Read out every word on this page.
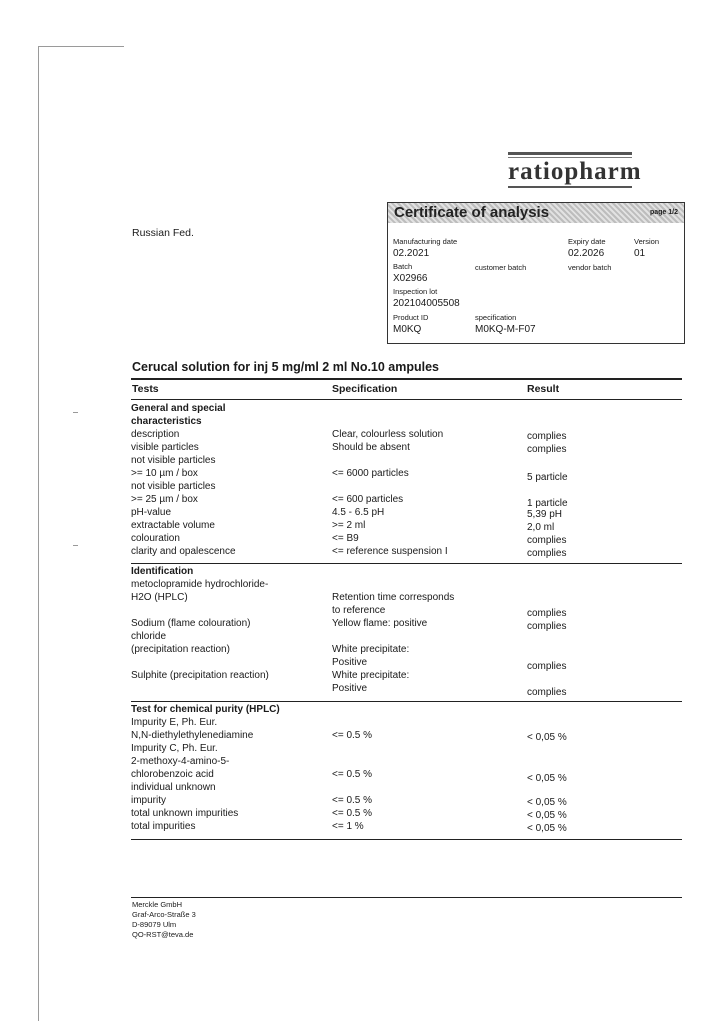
ratiopharm
Russian Fed.
Certificate of analysis	page 1/2
Manufacturing date
02.2021
Expiry date
02.2026
Version
01
Batch	customer batch	vendor batch
X02966
Inspection lot
202104005508
Product ID
M0KQ
specification
M0KQ-M-F07
Cerucal solution for inj 5 mg/ml 2 ml No.10 ampules
Tests	Specification	Result
General and special
characteristics
description	Clear, colourless solution	complies
visible particles	Should be absent	complies
not visible particles
>= 10 µm / box	<= 6000 particles	5 particle
not visible particles
>= 25 µm / box	<= 600 particles	1 particle
pH-value	4.5 - 6.5 pH	5,39 pH
extractable volume	>= 2 ml	2,0 ml
colouration	<= B9	complies
clarity and opalescence	<= reference suspension I	complies
Identification
metoclopramide hydrochloride-
H2O (HPLC)	Retention time corresponds
to reference	complies
Sodium (flame colouration)	Yellow flame: positive	complies
chloride
(precipitation reaction)	White precipitate:
Positive	complies
Sulphite (precipitation reaction)	White precipitate:
Positive	complies
Test for chemical purity (HPLC)
Impurity E, Ph. Eur.
N,N-diethylethylenediamine	<= 0.5 %	< 0,05 %
Impurity C, Ph. Eur.
2-methoxy-4-amino-5-
chlorobenzoic acid	<= 0.5 %	< 0,05 %
individual unknown
impurity	<= 0.5 %	< 0,05 %
total unknown impurities	<= 0.5 %	< 0,05 %
total impurities	<= 1 %	< 0,05 %
Merckle GmbH
Graf-Arco-Straße 3
D-89079 Ulm
QO-RST@teva.de
